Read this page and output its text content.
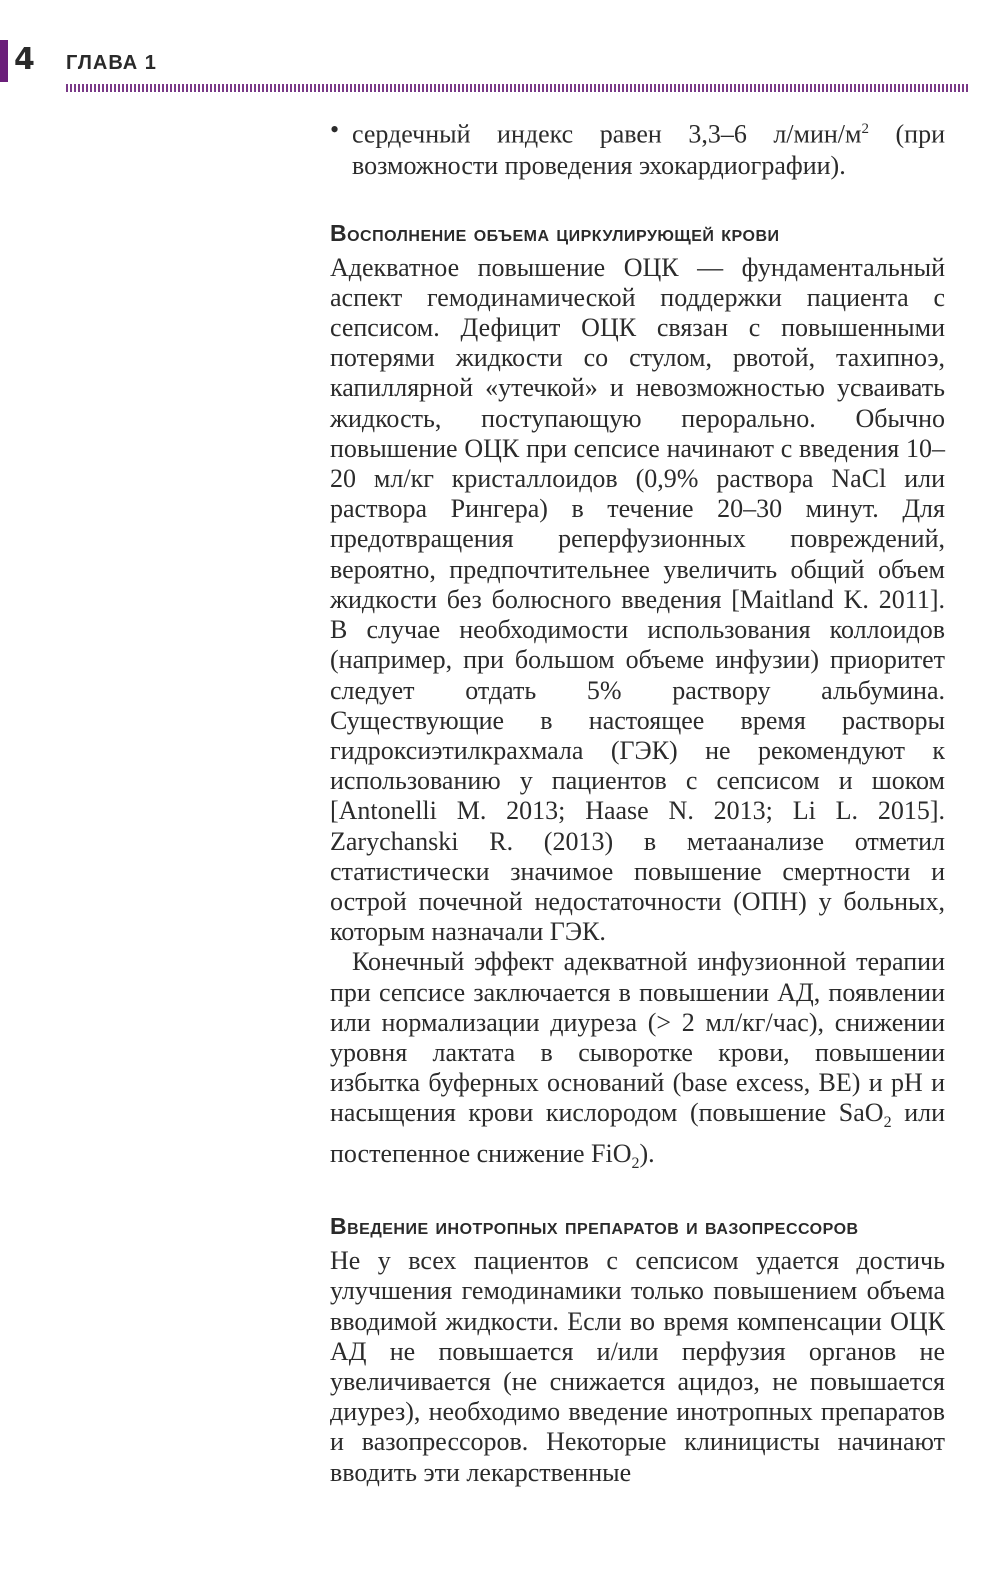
4 ГЛАВА 1
• сердечный индекс равен 3,3–6 $л/мин/м^2$ (при возможности проведения эхокардиографии).
Восполнение объема циркулирующей крови

Адекватное повышение ОЦК — фундаментальный аспект гемодинамической поддержки пациента с сепсисом. Дефицит ОЦК связан с повышенными потерями жидкости со стулом, рвотой, тахипноэ, капиллярной «утечкой» и невозможностью усваивать жидкость, поступающую перорально. Обычно повышение ОЦК при сепсисе начинают с введения 10–20 мл/кг кристаллоидов (0,9% раствора NaCl или раствора Рингера) в течение 20–30 минут. Для предотвращения реперфузионных повреждений, вероятно, предпочтительнее увеличить общий объем жидкости без болюсного введения [Maitland K. 2011]. В случае необходимости использования коллоидов (например, при большом объеме инфузии) приоритет следует отдать 5% раствору альбумина. Существующие в настоящее время растворы гидроксиэтилкрахмала (ГЭК) не рекомендуют к использованию у пациентов с сепсисом и шоком [Antonelli M. 2013; Haase N. 2013; Li L. 2015]. Zarychanski R. (2013) в метаанализе отметил статистически значимое повышение смертности и острой почечной недостаточности (ОПН) у больных, которым назначали ГЭК.

Конечный эффект адекватной инфузионной терапии при сепсисе заключается в повышении АД, появлении или нормализации диуреза (> 2 мл/кг/час), снижении уровня лактата в сыворотке крови, повышении избытка буферных оснований (base excess, BE) и pH и насыщения крови кислородом (повышение SaO$_2$ или постепенное снижение FiO$_2$).

Введение инотропных препаратов и вазопрессоров

Не у всех пациентов с сепсисом удается достичь улучшения гемодинамики только повышением объема вводимой жидкости. Если во время компенсации ОЦК АД не повышается и/или перфузия органов не увеличивается (не снижается ацидоз, не повышается диурез), необходимо введение инотропных препаратов и вазопрессоров. Некоторые клиницисты начинают вводить эти лекарственные
